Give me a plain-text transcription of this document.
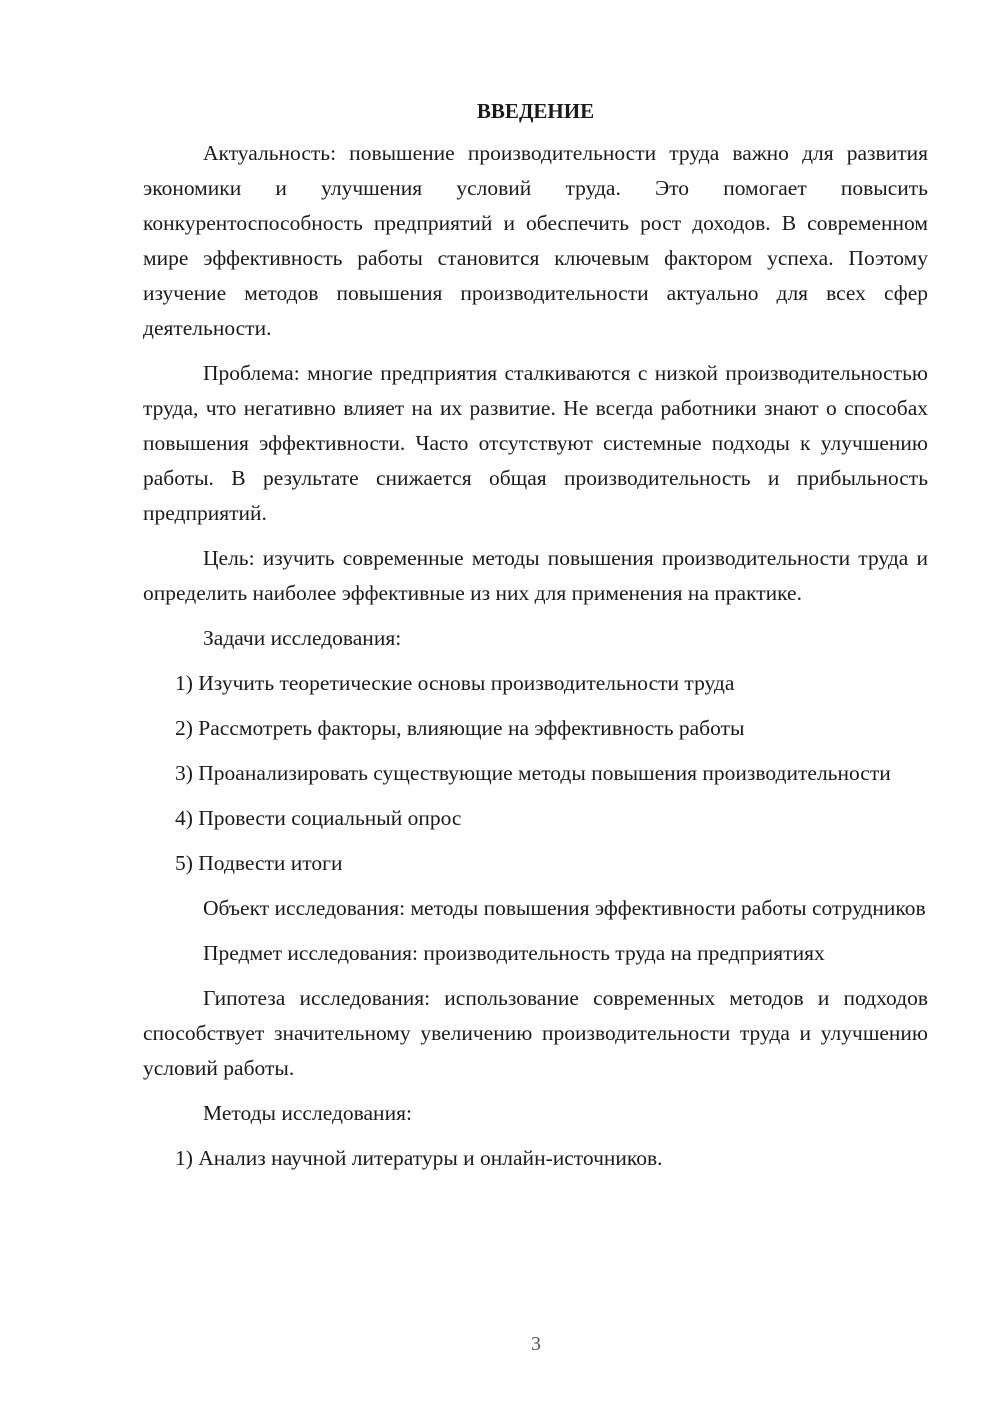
ВВЕДЕНИЕ

Актуальность: повышение производительности труда важно для развития экономики и улучшения условий труда. Это помогает повысить конкурентоспособность предприятий и обеспечить рост доходов. В современном мире эффективность работы становится ключевым фактором успеха. Поэтому изучение методов повышения производительности актуально для всех сфер деятельности.

Проблема: многие предприятия сталкиваются с низкой производительностью труда, что негативно влияет на их развитие. Не всегда работники знают о способах повышения эффективности. Часто отсутствуют системные подходы к улучшению работы. В результате снижается общая производительность и прибыльность предприятий.

Цель: изучить современные методы повышения производительности труда и определить наиболее эффективные из них для применения на практике.

Задачи исследования:

1) Изучить теоретические основы производительности труда

2) Рассмотреть факторы, влияющие на эффективность работы

3) Проанализировать существующие методы повышения производительности

4) Провести социальный опрос

5) Подвести итоги

Объект исследования: методы повышения эффективности работы сотрудников

Предмет исследования: производительность труда на предприятиях

Гипотеза исследования: использование современных методов и подходов способствует значительному увеличению производительности труда и улучшению условий работы.

Методы исследования:

1) Анализ научной литературы и онлайн-источников.

3
